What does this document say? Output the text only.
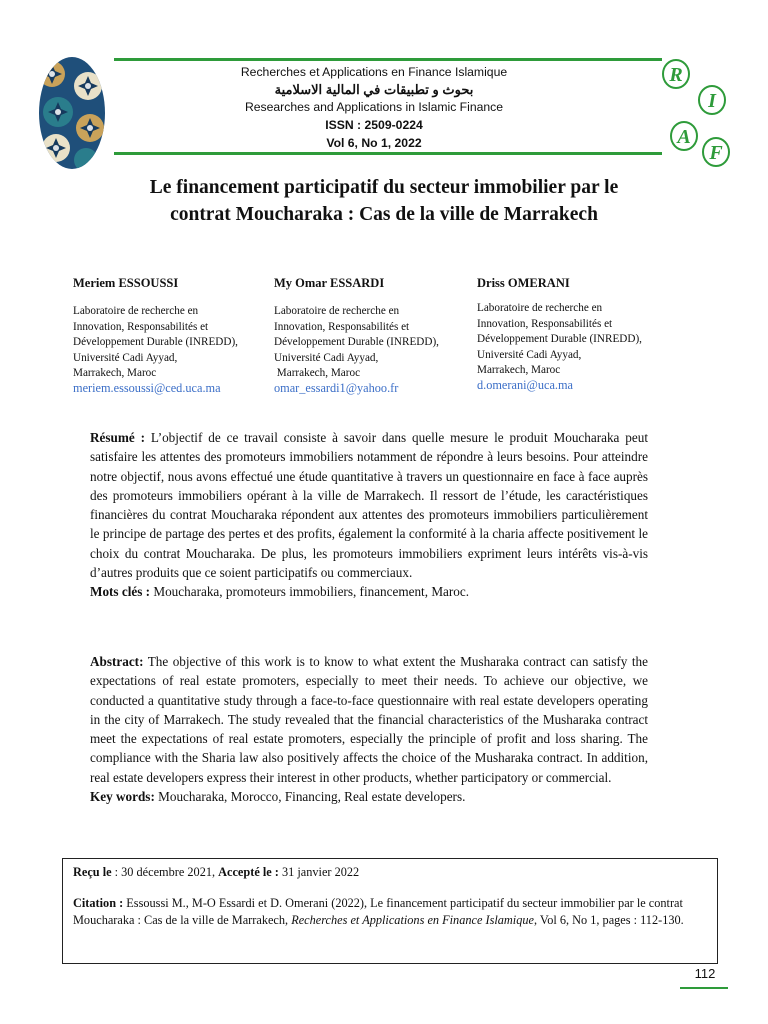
Recherches et Applications en Finance Islamique
بحوث و تطبيقات في المالية الاسلامية
Researches and Applications in Islamic Finance
ISSN : 2509-0224
Vol 6, No 1, 2022
R
I
A
F
Le financement participatif du secteur immobilier par le
contrat Moucharaka : Cas de la ville de Marrakech
Meriem ESSOUSSI
Laboratoire de recherche en
Innovation, Responsabilités et
Développement Durable (INREDD),
Université Cadi Ayyad,
Marrakech, Maroc
meriem.essoussi@ced.uca.ma
My Omar ESSARDI
Laboratoire de recherche en
Innovation, Responsabilités et
Développement Durable (INREDD),
Université Cadi Ayyad,
Marrakech, Maroc
omar_essardi1@yahoo.fr
Driss OMERANI
Laboratoire de recherche en
Innovation, Responsabilités et
Développement Durable (INREDD),
Université Cadi Ayyad,
Marrakech, Maroc
d.omerani@uca.ma
Résumé : L’objectif de ce travail consiste à savoir dans quelle mesure le produit Moucharaka peut satisfaire les attentes des promoteurs immobiliers notamment de répondre à leurs besoins. Pour atteindre notre objectif, nous avons effectué une étude quantitative à travers un questionnaire en face à face auprès des promoteurs immobiliers opérant à la ville de Marrakech. Il ressort de l’étude, les caractéristiques financières du contrat Moucharaka répondent aux attentes des promoteurs immobiliers particulièrement le principe de partage des pertes et des profits, également la conformité à la charia affecte positivement le choix du contrat Moucharaka. De plus, les promoteurs immobiliers expriment leurs intérêts vis-à-vis d’autres produits que ce soient participatifs ou commerciaux.
Mots clés : Moucharaka, promoteurs immobiliers, financement, Maroc.
Abstract: The objective of this work is to know to what extent the Musharaka contract can satisfy the expectations of real estate promoters, especially to meet their needs. To achieve our objective, we conducted a quantitative study through a face-to-face questionnaire with real estate developers operating in the city of Marrakech. The study revealed that the financial characteristics of the Musharaka contract meet the expectations of real estate promoters, especially the principle of profit and loss sharing. The compliance with the Sharia law also positively affects the choice of the Musharaka contract. In addition, real estate developers express their interest in other products, whether participatory or commercial.
Key words: Moucharaka, Morocco, Financing, Real estate developers.

Reçu le : 30 décembre 2021, Accepté le : 31 janvier 2022

Citation : Essoussi M., M-O Essardi et D. Omerani (2022), Le financement participatif du secteur immobilier par le contrat Moucharaka : Cas de la ville de Marrakech, Recherches et Applications en Finance Islamique, Vol 6, No 1, pages : 112-130.

112
